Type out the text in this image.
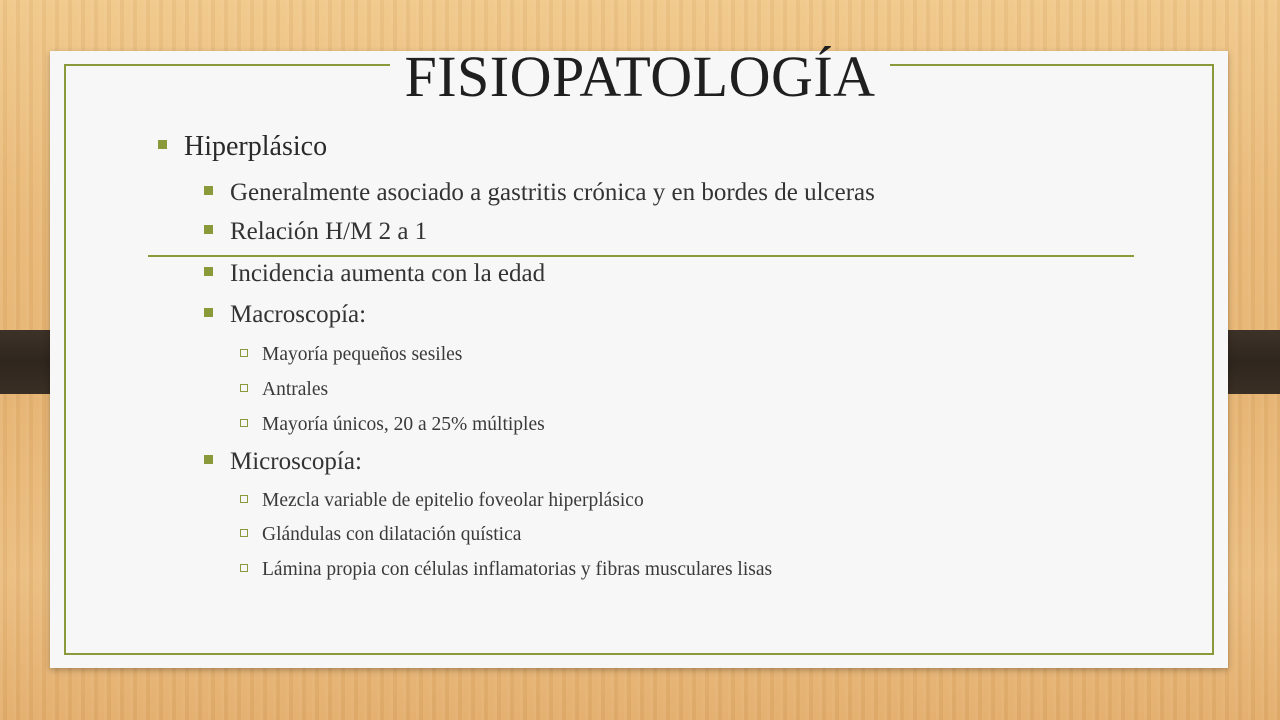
FISIOPATOLOGÍA
Hiperplásico
Generalmente asociado a gastritis crónica y en bordes de ulceras
Relación H/M 2 a 1
Incidencia aumenta con la edad
Macroscopía:
Mayoría pequeños sesiles
Antrales
Mayoría únicos, 20 a 25% múltiples
Microscopía:
Mezcla variable de epitelio foveolar hiperplásico
Glándulas con dilatación quística
Lámina propia con células inflamatorias y fibras musculares lisas
